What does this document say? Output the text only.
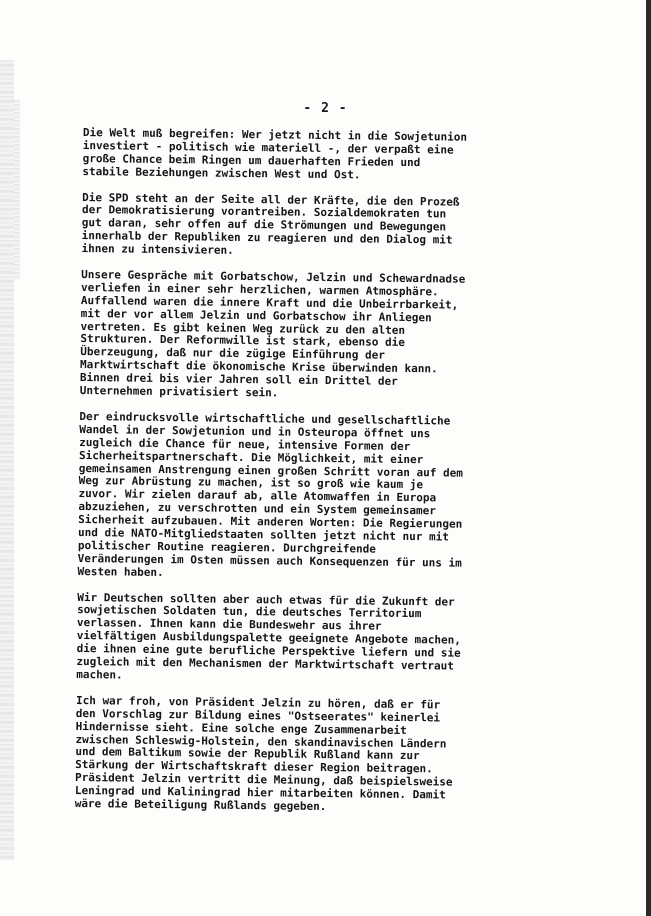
- 2 -

Die Welt muß begreifen: Wer jetzt nicht in die Sowjetunion
investiert - politisch wie materiell -, der verpaßt eine
große Chance beim Ringen um dauerhaften Frieden und
stabile Beziehungen zwischen West und Ost.

Die SPD steht an der Seite all der Kräfte, die den Prozeß
der Demokratisierung vorantreiben. Sozialdemokraten tun
gut daran, sehr offen auf die Strömungen und Bewegungen
innerhalb der Republiken zu reagieren und den Dialog mit
ihnen zu intensivieren.

Unsere Gespräche mit Gorbatschow, Jelzin und Schewardnadse
verliefen in einer sehr herzlichen, warmen Atmosphäre.
Auffallend waren die innere Kraft und die Unbeirrbarkeit,
mit der vor allem Jelzin und Gorbatschow ihr Anliegen
vertreten. Es gibt keinen Weg zurück zu den alten
Strukturen. Der Reformwille ist stark, ebenso die
Überzeugung, daß nur die zügige Einführung der
Marktwirtschaft die ökonomische Krise überwinden kann.
Binnen drei bis vier Jahren soll ein Drittel der
Unternehmen privatisiert sein.

Der eindrucksvolle wirtschaftliche und gesellschaftliche
Wandel in der Sowjetunion und in Osteuropa öffnet uns
zugleich die Chance für neue, intensive Formen der
Sicherheitspartnerschaft. Die Möglichkeit, mit einer
gemeinsamen Anstrengung einen großen Schritt voran auf dem
Weg zur Abrüstung zu machen, ist so groß wie kaum je
zuvor. Wir zielen darauf ab, alle Atomwaffen in Europa
abzuziehen, zu verschrotten und ein System gemeinsamer
Sicherheit aufzubauen. Mit anderen Worten: Die Regierungen
und die NATO-Mitgliedstaaten sollten jetzt nicht nur mit
politischer Routine reagieren. Durchgreifende
Veränderungen im Osten müssen auch Konsequenzen für uns im
Westen haben.

Wir Deutschen sollten aber auch etwas für die Zukunft der
sowjetischen Soldaten tun, die deutsches Territorium
verlassen. Ihnen kann die Bundeswehr aus ihrer
vielfältigen Ausbildungspalette geeignete Angebote machen,
die ihnen eine gute berufliche Perspektive liefern und sie
zugleich mit den Mechanismen der Marktwirtschaft vertraut
machen.

Ich war froh, von Präsident Jelzin zu hören, daß er für
den Vorschlag zur Bildung eines "Ostseerates" keinerlei
Hindernisse sieht. Eine solche enge Zusammenarbeit
zwischen Schleswig-Holstein, den skandinavischen Ländern
und dem Baltikum sowie der Republik Rußland kann zur
Stärkung der Wirtschaftskraft dieser Region beitragen.
Präsident Jelzin vertritt die Meinung, daß beispielsweise
Leningrad und Kaliningrad hier mitarbeiten können. Damit
wäre die Beteiligung Rußlands gegeben.
